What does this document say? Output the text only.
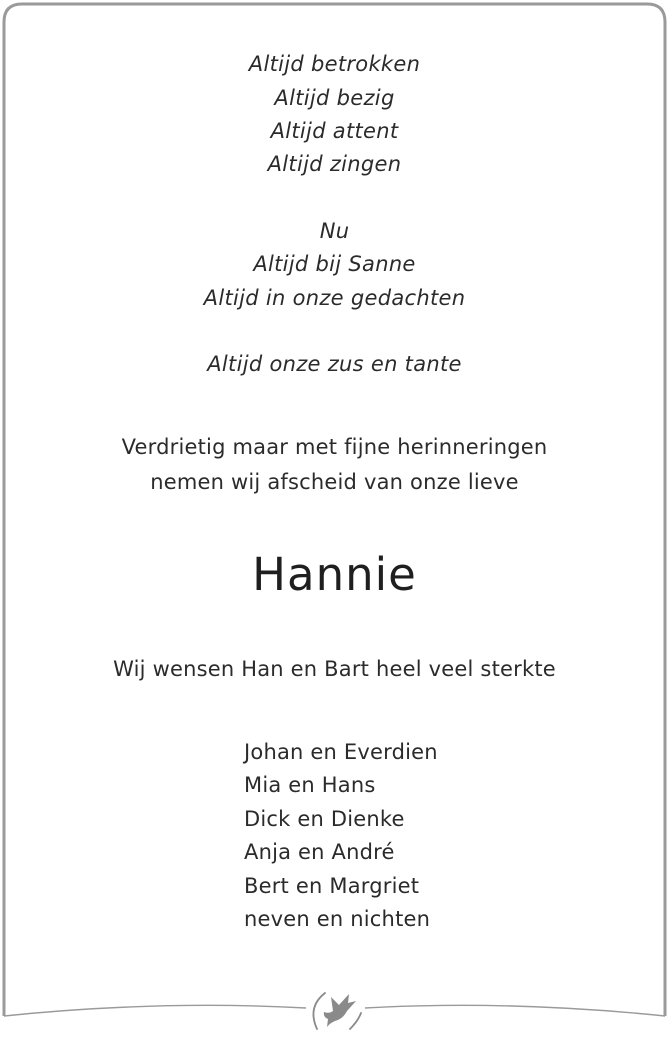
Altijd betrokken
Altijd bezig
Altijd attent
Altijd zingen
Nu
Altijd bij Sanne
Altijd in onze gedachten
Altijd onze zus en tante
Verdrietig maar met fijne herinneringen
nemen wij afscheid van onze lieve
Hannie
Wij wensen Han en Bart heel veel sterkte
Johan en Everdien
Mia en Hans
Dick en Dienke
Anja en André
Bert en Margriet
neven en nichten
